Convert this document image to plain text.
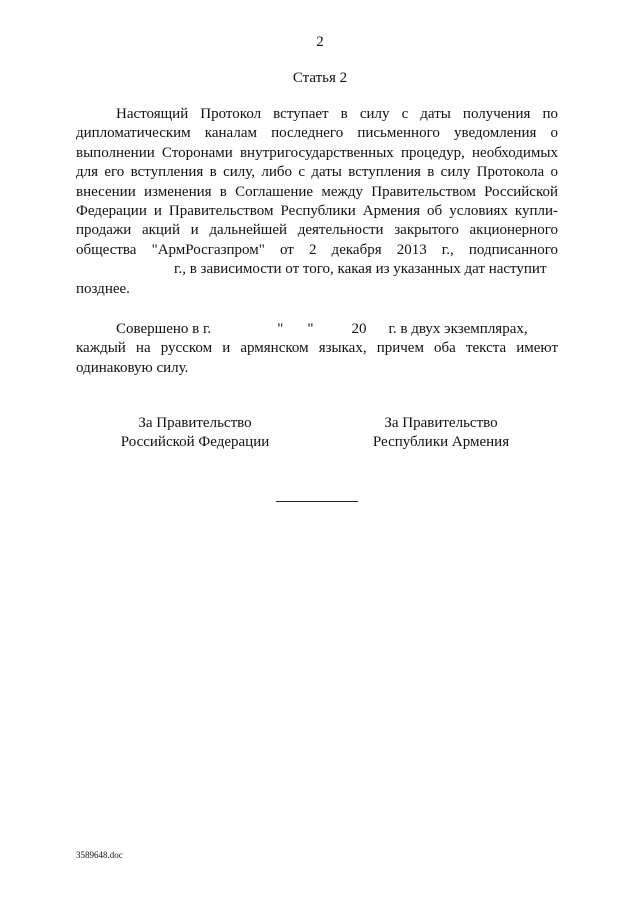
2
Статья 2
Настоящий Протокол вступает в силу с даты получения по
дипломатическим каналам последнего письменного уведомления о
выполнении Сторонами внутригосударственных процедур, необходимых
для его вступления в силу, либо с даты вступления в силу Протокола о
внесении изменения в Соглашение между Правительством Российской
Федерации и Правительством Республики Армения об условиях купли-
продажи акций и дальнейшей деятельности закрытого акционерного
общества "АрмРосгазпром" от 2 декабря 2013 г., подписанного
г., в зависимости от того, какая из указанных дат наступит
позднее.
Совершено в г.	" "	20 г. в двух экземплярах,
каждый на русском и армянском языках, причем оба текста имеют
одинаковую силу.
За Правительство
Российской Федерации
За Правительство
Республики Армения
3589648.doc
